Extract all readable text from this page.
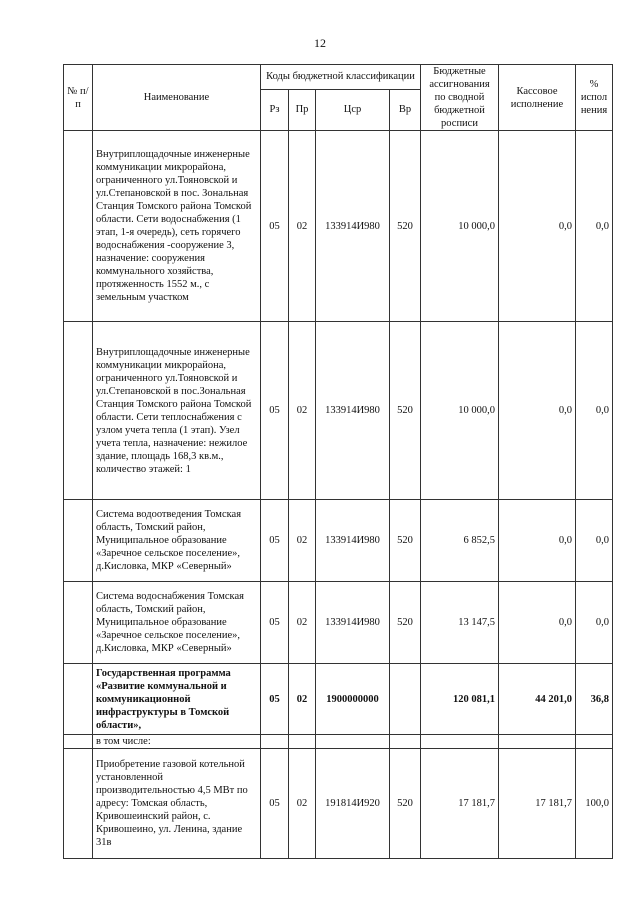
12
№ п/п	Наименование	Коды бюджетной классификации				Бюджетные ассигнования по сводной бюджетной росписи	Кассовое исполнение	% испол нения
		Рз	Пр	Цср	Вр			
	Внутриплощадочные инженерные коммуникации микрорайона, ограниченного ул.Тояновской и ул.Степановской в пос. Зональная Станция Томского района Томской области. Сети водоснабжения (1 этап, 1-я очередь), сеть горячего водоснабжения -сооружение 3, назначение: сооружения коммунального хозяйства, протяженность 1552 м., с земельным участком	05	02	133914И980	520	10 000,0	0,0	0,0
	Внутриплощадочные инженерные коммуникации микрорайона, ограниченного ул.Тояновской и ул.Степановской в пос.Зональная Станция Томского района Томской области. Сети теплоснабжения с узлом учета тепла (1 этап). Узел учета тепла, назначение: нежилое здание, площадь 168,3 кв.м., количество этажей: 1	05	02	133914И980	520	10 000,0	0,0	0,0
	Система водоотведения Томская область, Томский район, Муниципальное образование «Заречное сельское поселение», д.Кисловка, МКР «Северный»	05	02	133914И980	520	6 852,5	0,0	0,0
	Система водоснабжения Томская область, Томский район, Муниципальное образование «Заречное сельское поселение», д.Кисловка, МКР «Северный»	05	02	133914И980	520	13 147,5	0,0	0,0
	Государственная программа «Развитие коммунальной и коммуникационной инфраструктуры в Томской области»,	05	02	1900000000		120 081,1	44 201,0	36,8
	в том числе:							
	Приобретение газовой котельной установленной производительностью 4,5 МВт по адресу: Томская область, Кривошеинский район, с. Кривошеино, ул. Ленина, здание 31в	05	02	191814И920	520	17 181,7	17 181,7	100,0
